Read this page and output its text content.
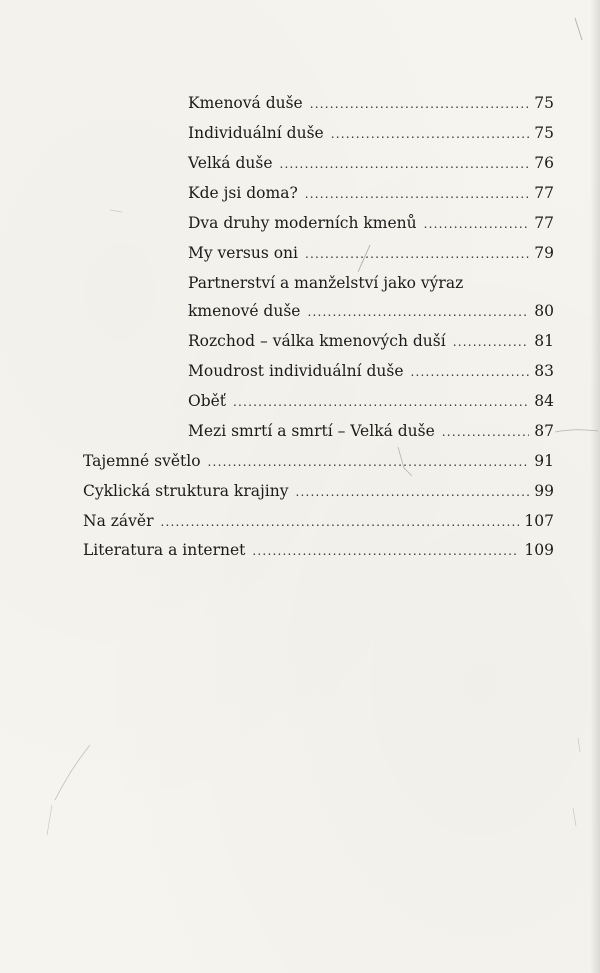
Kmenová duše .....	75
Individuální duše .....	75
Velká duše .....	76
Kde jsi doma? .....	77
Dva druhy moderních kmenů .....	77
My versus oni .....	79
Partnerství a manželství jako výraz
kmenové duše .....	80
Rozchod – válka kmenových duší .....	81
Moudrost individuální duše .....	83
Oběť .....	84
Mezi smrtí a smrtí – Velká duše .....	87
Tajemné světlo .....	91
Cyklická struktura krajiny .....	99
Na závěr .....	107
Literatura a internet .....	109
